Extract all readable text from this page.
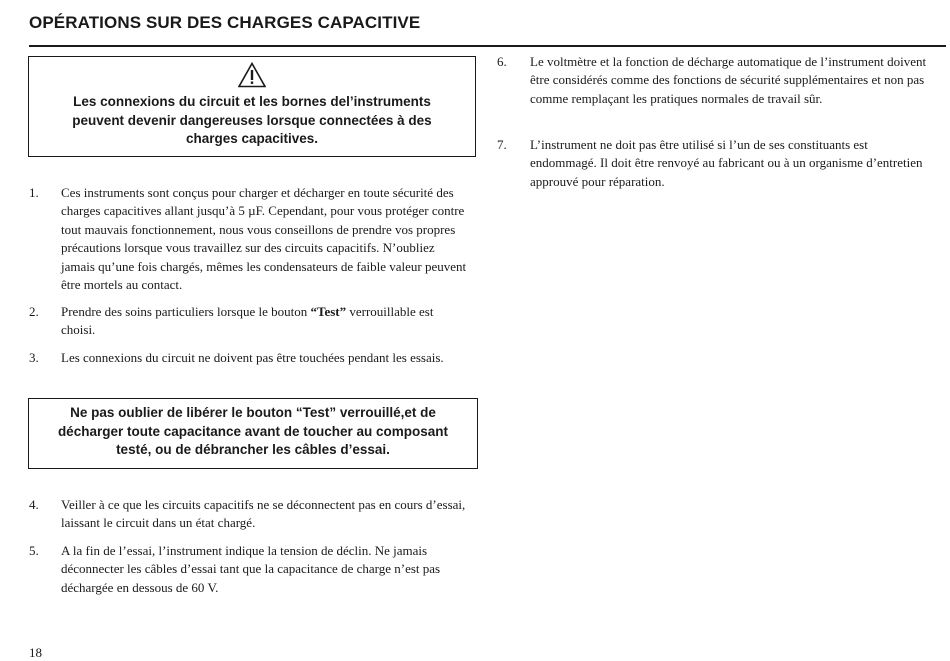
OPÉRATIONS SUR DES CHARGES CAPACITIVE
Les connexions du circuit et les bornes del’instruments peuvent devenir dangereuses lorsque connectées à des charges capacitives.
1. Ces instruments sont conçus pour charger et décharger en toute sécurité des charges capacitives allant jusqu’à 5 µF. Cependant, pour vous protéger contre tout mauvais fonctionnement, nous vous conseillons de prendre vos propres précautions lorsque vous travaillez sur des circuits capacitifs. N’oubliez jamais qu’une fois chargés, mêmes les condensateurs de faible valeur peuvent être mortels au contact.
2. Prendre des soins particuliers lorsque le bouton “Test” verrouillable est choisi.
3. Les connexions du circuit ne doivent pas être touchées pendant les essais.
Ne pas oublier de libérer le bouton “Test” verrouillé,et de décharger toute capacitance avant de toucher au composant testé, ou de débrancher les câbles d’essai.
4. Veiller à ce que les circuits capacitifs ne se déconnectent pas en cours d’essai, laissant le circuit dans un état chargé.
5. A la fin de l’essai, l’instrument indique la tension de déclin. Ne jamais déconnecter les câbles d’essai tant que la capacitance de charge n’est pas déchargée en dessous de 60 V.
6. Le voltmètre et la fonction de décharge automatique de l’instrument doivent être considérés comme des fonctions de sécurité supplémentaires et non pas comme remplaçant les pratiques normales de travail sûr.
7. L’instrument ne doit pas être utilisé si l’un de ses constituants est endommagé. Il doit être renvoyé au fabricant ou à un organisme d’entretien approuvé pour réparation.
18
